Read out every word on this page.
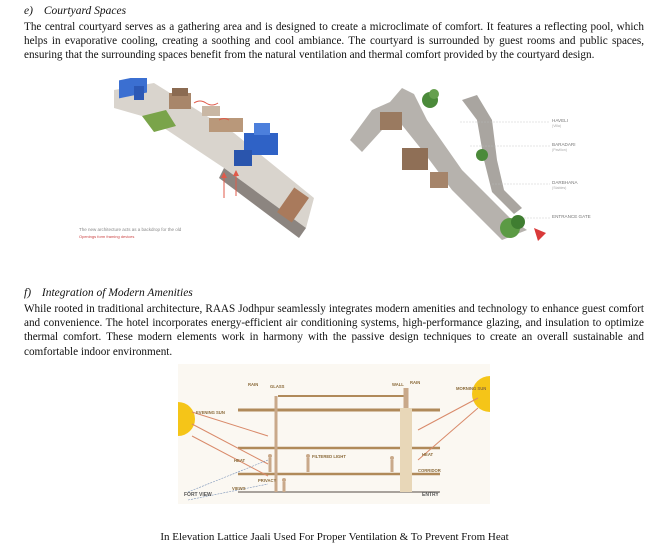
e) Courtyard Spaces

The central courtyard serves as a gathering area and is designed to create a microclimate of comfort. It features a reflecting pool, which helps in evaporative cooling, creating a soothing and cool ambiance. The courtyard is surrounded by guest rooms and public spaces, ensuring that the surrounding spaces benefit from the natural ventilation and thermal comfort provided by the courtyard design.

The new architecture acts as a backdrop for the old
Openings form framing devices
HAVELI
(Villa)
BARADARI
(Pavilion)
DARBHANA
(Stables)
ENTRANCE GATE
f) Integration of Modern Amenities

While rooted in traditional architecture, RAAS Jodhpur seamlessly integrates modern amenities and technology to enhance guest comfort and convenience. The hotel incorporates energy-efficient air conditioning systems, high-performance glazing, and insulation to optimize thermal comfort. These modern elements work in harmony with the passive design techniques to create an overall sustainable and comfortable indoor environment.

EVENING SUN
RAIN	GLASS	WALL RAIN
MORNING SUN
HEAT
FILTERED LIGHT	HEAT
CORRIDOR
PRIVACY
VIEWS
FORT VIEW	ENTRY
In Elevation Lattice Jaali Used For Proper Ventilation & To Prevent From Heat
